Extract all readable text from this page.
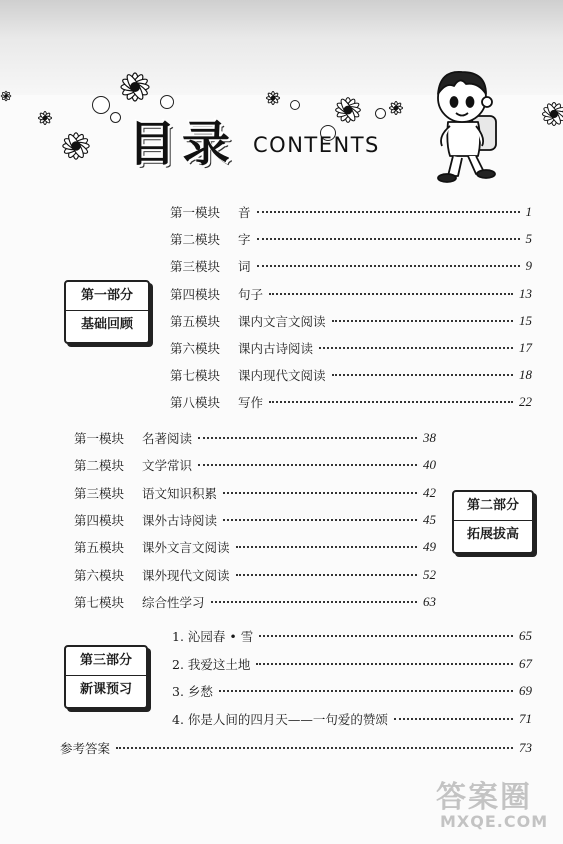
目录 CONTENTS
第一部分
基础回顾
第一模块	音	1
第二模块	字	5
第三模块	词	9
第四模块	句子	13
第五模块	课内文言文阅读	15
第六模块	课内古诗阅读	17
第七模块	课内现代文阅读	18
第八模块	写作	22
第一模块	名著阅读	38
第二模块	文学常识	40
第三模块	语文知识积累	42
第四模块	课外古诗阅读	45
第五模块	课外文言文阅读	49
第六模块	课外现代文阅读	52
第七模块	综合性学习	63
第二部分
拓展拔高
第三部分
新课预习
1. 沁园春 • 雪	65
2. 我爱这土地	67
3. 乡愁	69
4. 你是人间的四月天——一句爱的赞颂	71
参考答案	73
答案圈
MXQE.COM
